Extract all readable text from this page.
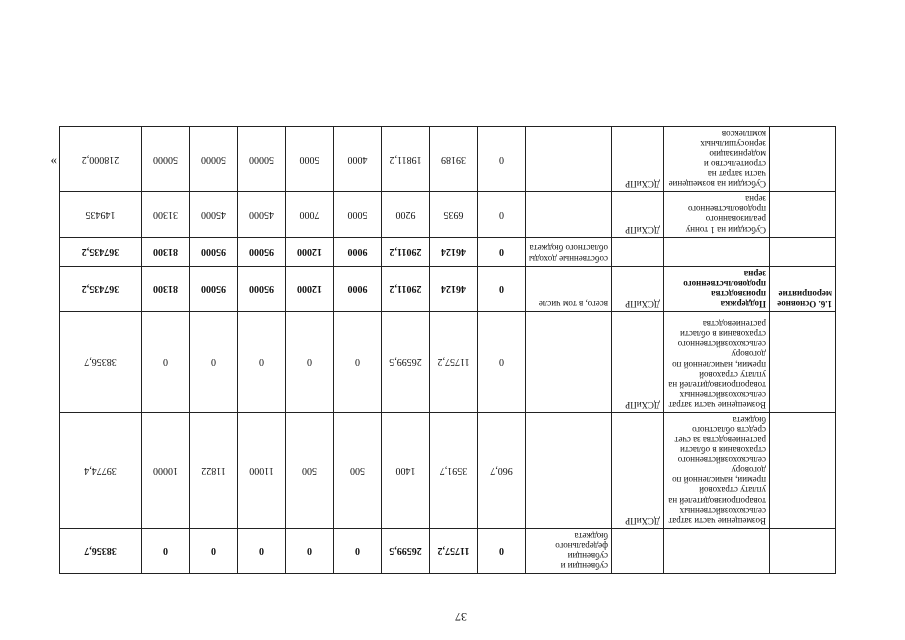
37
			субвенции и субвенции федерального бюджета	0	11757,2	26599,5	0	0	0	0	0	38356,7
	Возмещение части затрат сельскохозяйственных товаропроизводителей на уплату страховой премии, начисленной по договору сельскохозяйственного страхования в области растениеводства за счет средств областного бюджета	ДСХиПР		960,7	3591,7	1400	500	500	11000	11822	10000	39774,4
	Возмещение части затрат сельскохозяйственных товаропроизводителей на уплату страховой премии, начисленной по договору сельскохозяйственного страхования в области растениеводства	ДСХиПР		0	11757,2	26599,5	0	0	0	0	0	38356,7
1.6. Основное мероприятие	Поддержка производства продовольственного зерна	ДСХиПР	всего, в том числе	0	46124	29011,2	9000	12000	95000	95000	81300	367435,2
			собственные доходы областного бюджета	0	46124	29011,2	9000	12000	95000	95000	81300	367435,2
	Субсидии на 1 тонну реализованного продовольственного зерна	ДСХиПР		0	6935	9200	5000	7000	45000	45000	31300	149435
	Субсидии на возмещение части затрат на строительство и модернизацию зерносушильных комплексов	ДСХиПР		0	39189	19811,2	4000	5000	50000	50000	50000	218000,2
»
